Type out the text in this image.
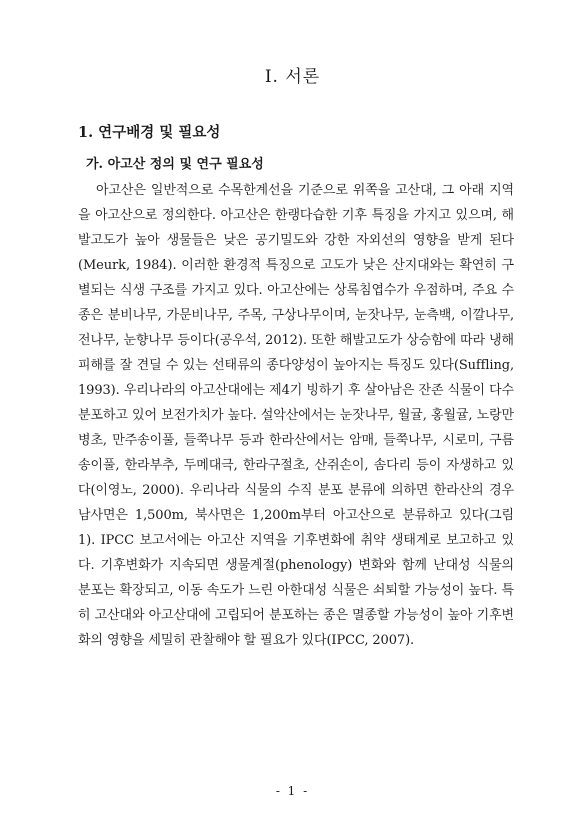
Ⅰ. 서론
1. 연구배경 및 필요성
가. 아고산 정의 및 연구 필요성

아고산은 일반적으로 수목한계선을 기준으로 위쪽을 고산대, 그 아래 지역을 아고산으로 정의한다. 아고산은 한랭다습한 기후 특징을 가지고 있으며, 해발고도가 높아 생물들은 낮은 공기밀도와 강한 자외선의 영향을 받게 된다(Meurk, 1984). 이러한 환경적 특징으로 고도가 낮은 산지대와는 확연히 구별되는 식생 구조를 가지고 있다. 아고산에는 상록침엽수가 우점하며, 주요 수종은 분비나무, 가문비나무, 주목, 구상나무이며, 눈잣나무, 눈측백, 이깔나무, 전나무, 눈향나무 등이다(공우석, 2012). 또한 해발고도가 상승함에 따라 냉해 피해를 잘 견딜 수 있는 선태류의 종다양성이 높아지는 특징도 있다(Suffling, 1993). 우리나라의 아고산대에는 제4기 빙하기 후 살아남은 잔존 식물이 다수 분포하고 있어 보전가치가 높다. 설악산에서는 눈잣나무, 월귤, 홍월귤, 노랑만병초, 만주송이풀, 들쭉나무 등과 한라산에서는 암매, 들쭉나무, 시로미, 구름송이풀, 한라부추, 두메대극, 한라구절초, 산쥐손이, 솜다리 등이 자생하고 있다(이영노, 2000). 우리나라 식물의 수직 분포 분류에 의하면 한라산의 경우 남사면은 1,500m, 북사면은 1,200m부터 아고산으로 분류하고 있다(그림 1). IPCC 보고서에는 아고산 지역을 기후변화에 취약 생태계로 보고하고 있다. 기후변화가 지속되면 생물계절(phenology) 변화와 함께 난대성 식물의 분포는 확장되고, 이동 속도가 느린 아한대성 식물은 쇠퇴할 가능성이 높다. 특히 고산대와 아고산대에 고립되어 분포하는 종은 멸종할 가능성이 높아 기후변화의 영향을 세밀히 관찰해야 할 필요가 있다(IPCC, 2007).

- 1 -
